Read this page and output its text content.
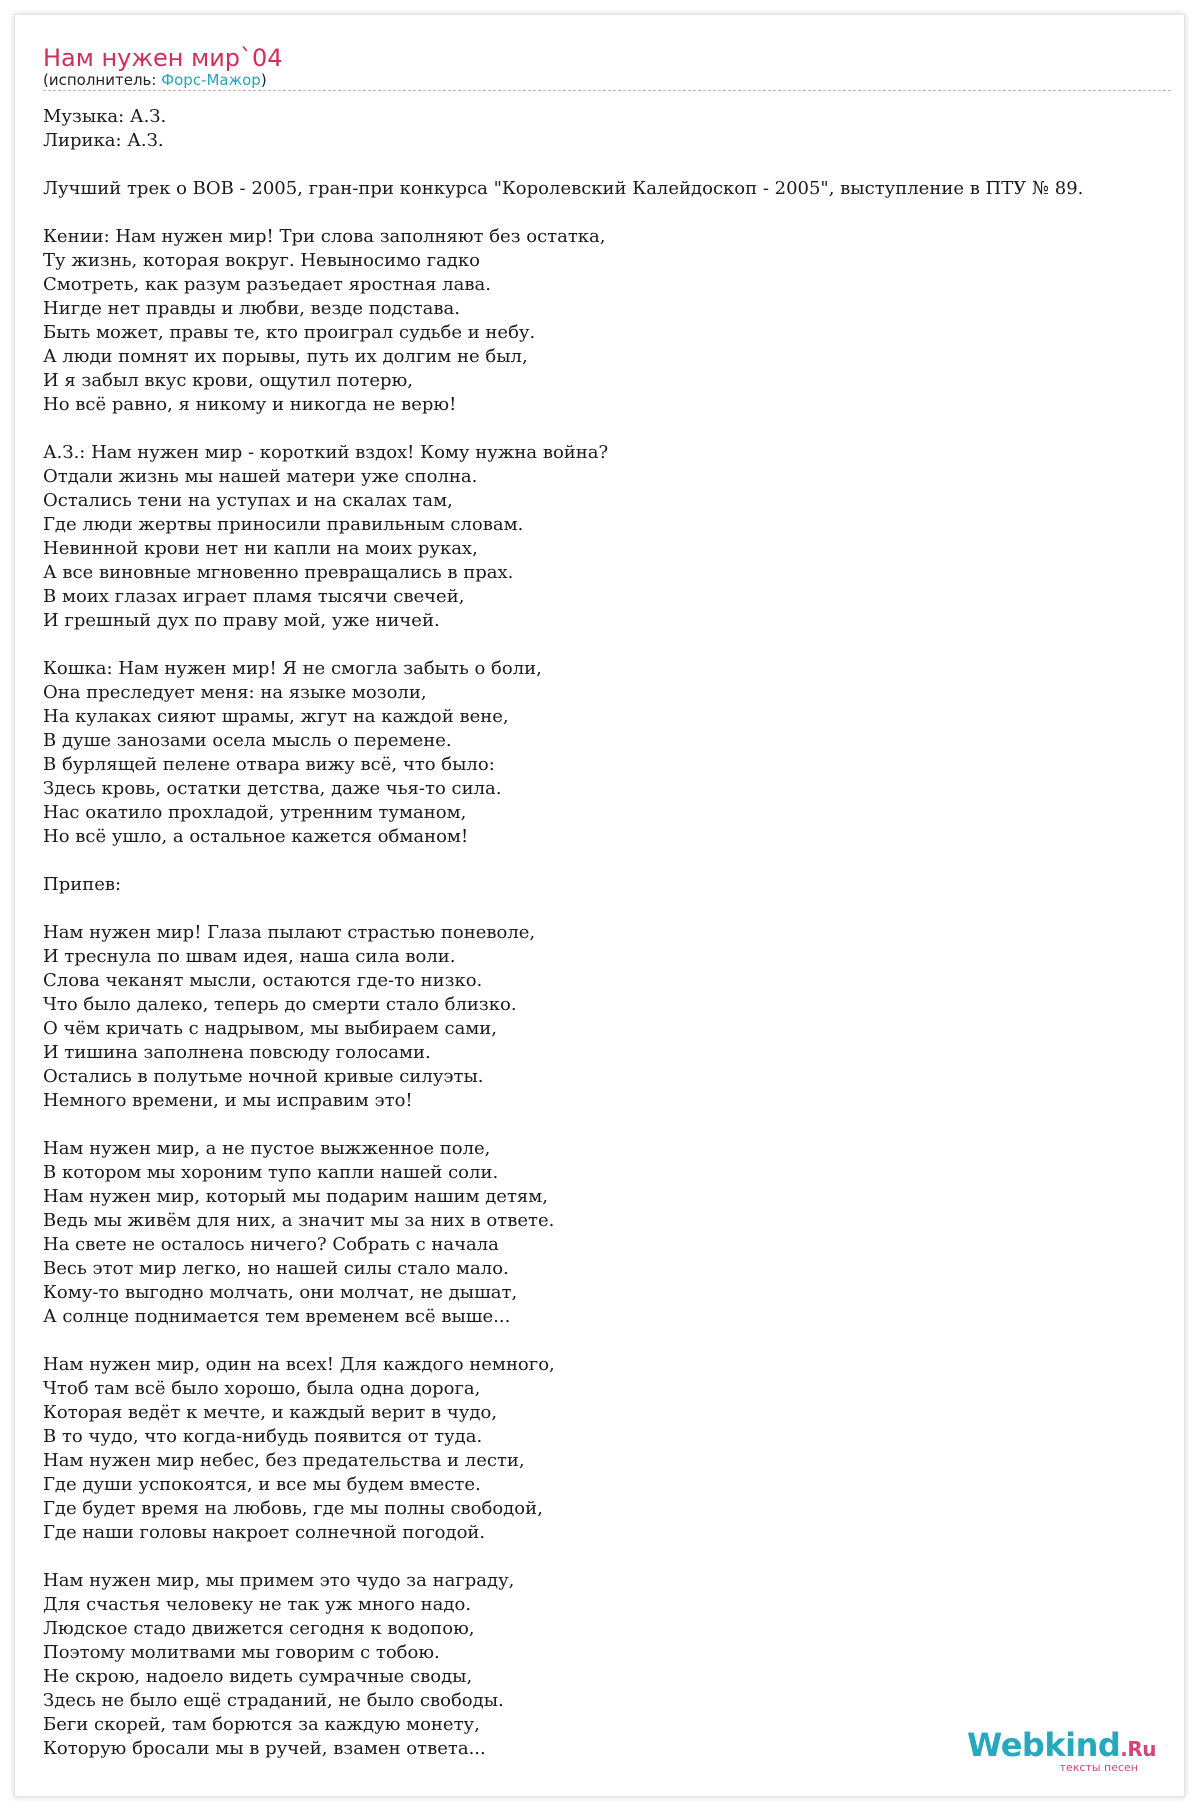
Нам нужен мир`04
(исполнитель: Форс-Мажор)
Музыка: А.З.
Лирика: А.З.
Лучший трек о ВОВ - 2005, гран-при конкурса "Королевский Калейдоскоп - 2005", выступление в ПТУ № 89.
Кении: Нам нужен мир! Три слова заполняют без остатка,
Ту жизнь, которая вокруг. Невыносимо гадко
Смотреть, как разум разъедает яростная лава.
Нигде нет правды и любви, везде подстава.
Быть может, правы те, кто проиграл судьбе и небу.
А люди помнят их порывы, путь их долгим не был,
И я забыл вкус крови, ощутил потерю,
Но всё равно, я никому и никогда не верю!
А.З.: Нам нужен мир - короткий вздох! Кому нужна война?
Отдали жизнь мы нашей матери уже сполна.
Остались тени на уступах и на скалах там,
Где люди жертвы приносили правильным словам.
Невинной крови нет ни капли на моих руках,
А все виновные мгновенно превращались в прах.
В моих глазах играет пламя тысячи свечей,
И грешный дух по праву мой, уже ничей.
Кошка: Нам нужен мир! Я не смогла забыть о боли,
Она преследует меня: на языке мозоли,
На кулаках сияют шрамы, жгут на каждой вене,
В душе занозами осела мысль о перемене.
В бурлящей пелене отвара вижу всё, что было:
Здесь кровь, остатки детства, даже чья-то сила.
Нас окатило прохладой, утренним туманом,
Но всё ушло, а остальное кажется обманом!
Припев:
Нам нужен мир! Глаза пылают страстью поневоле,
И треснула по швам идея, наша сила воли.
Слова чеканят мысли, остаются где-то низко.
Что было далеко, теперь до смерти стало близко.
О чём кричать с надрывом, мы выбираем сами,
И тишина заполнена повсюду голосами.
Остались в полутьме ночной кривые силуэты.
Немного времени, и мы исправим это!
Нам нужен мир, а не пустое выжженное поле,
В котором мы хороним тупо капли нашей соли.
Нам нужен мир, который мы подарим нашим детям,
Ведь мы живём для них, а значит мы за них в ответе.
На свете не осталось ничего? Собрать с начала
Весь этот мир легко, но нашей силы стало мало.
Кому-то выгодно молчать, они молчат, не дышат,
А солнце поднимается тем временем всё выше...
Нам нужен мир, один на всех! Для каждого немного,
Чтоб там всё было хорошо, была одна дорога,
Которая ведёт к мечте, и каждый верит в чудо,
В то чудо, что когда-нибудь появится от туда.
Нам нужен мир небес, без предательства и лести,
Где души успокоятся, и все мы будем вместе.
Где будет время на любовь, где мы полны свободой,
Где наши головы накроет солнечной погодой.
Нам нужен мир, мы примем это чудо за награду,
Для счастья человеку не так уж много надо.
Людское стадо движется сегодня к водопою,
Поэтому молитвами мы говорим с тобою.
Не скрою, надоело видеть сумрачные своды,
Здесь не было ещё страданий, не было свободы.
Беги скорей, там борются за каждую монету,
Которую бросали мы в ручей, взамен ответа...	Webkind.Ru
тексты песен
